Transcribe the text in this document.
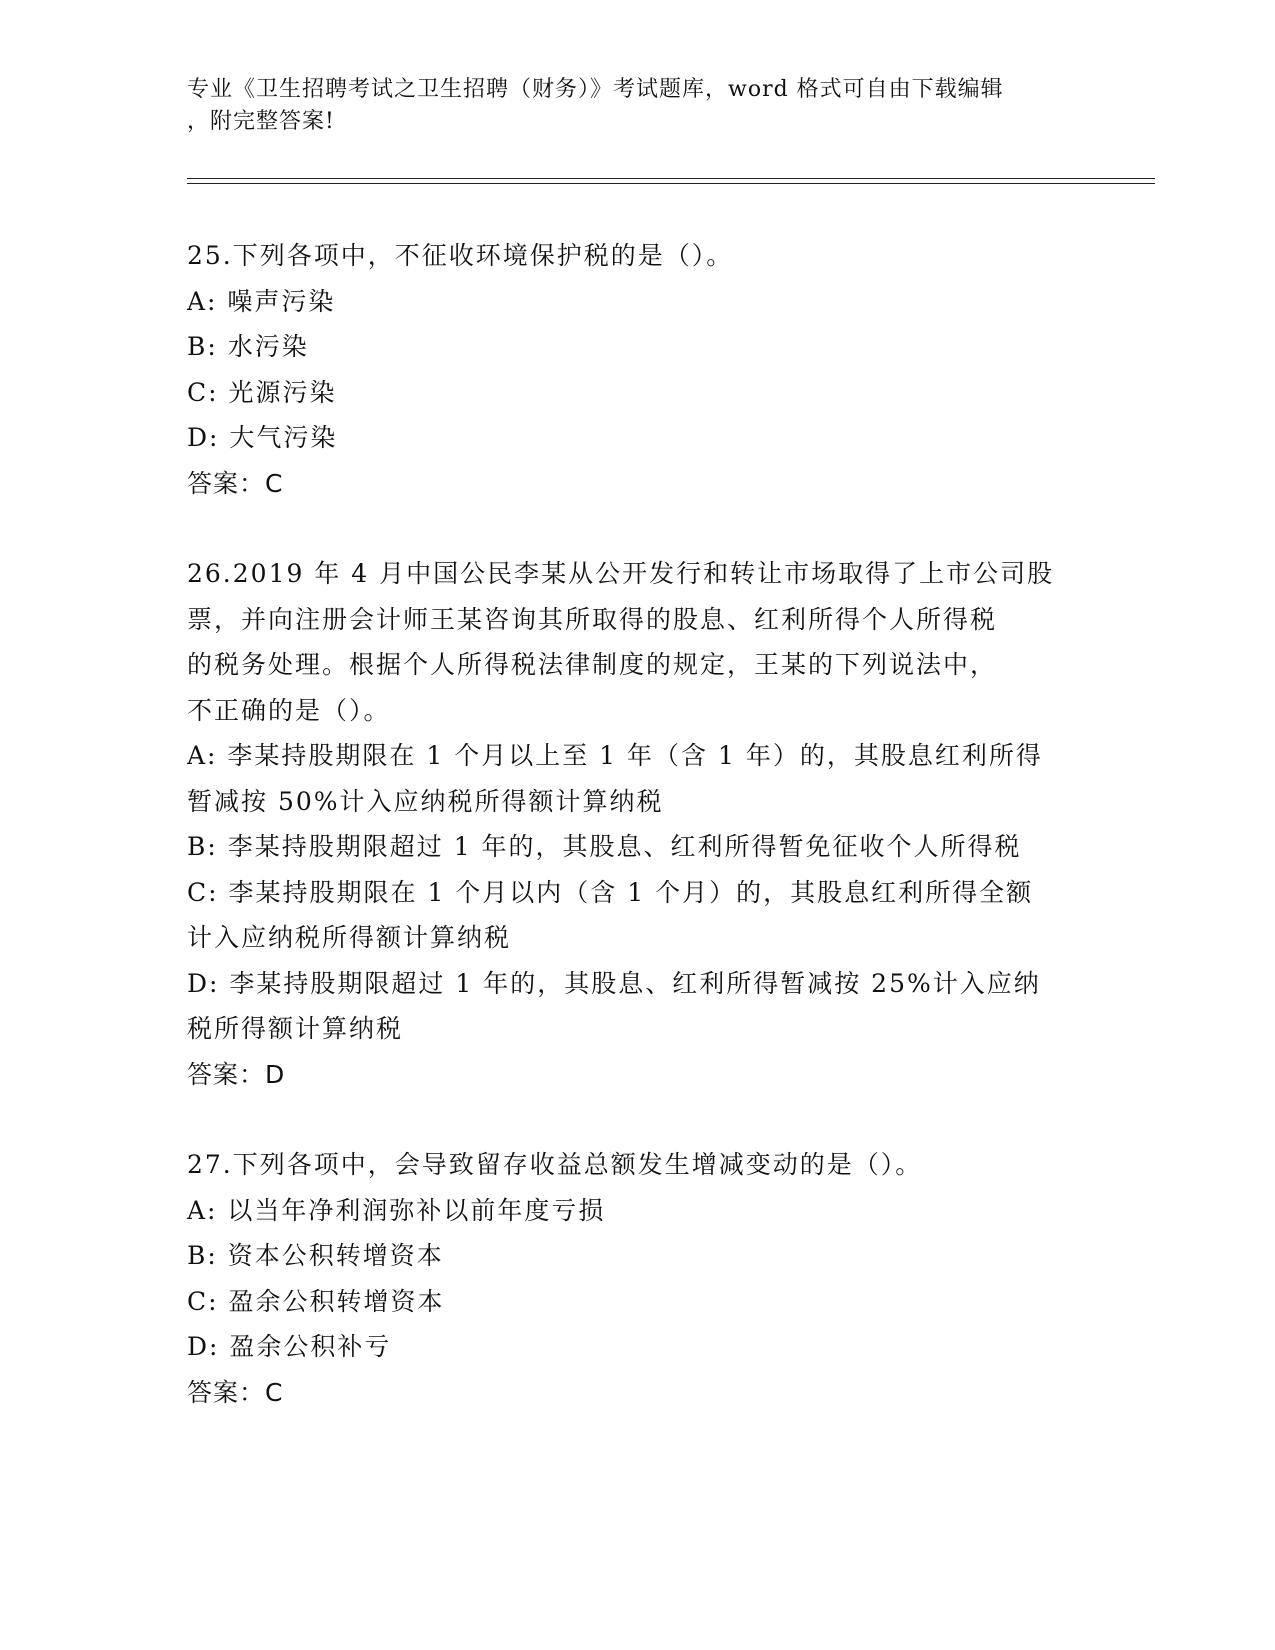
专业《卫生招聘考试之卫生招聘（财务）》考试题库，word 格式可自由下载编辑
，附完整答案!
25.下列各项中，不征收环境保护税的是（）。
A: 噪声污染
B: 水污染
C: 光源污染
D: 大气污染
答案：C
26.2019 年 4 月中国公民李某从公开发行和转让市场取得了上市公司股
票，并向注册会计师王某咨询其所取得的股息、红利所得个人所得税
的税务处理。根据个人所得税法律制度的规定，王某的下列说法中，
不正确的是（）。
A: 李某持股期限在 1 个月以上至 1 年（含 1 年）的，其股息红利所得
暂减按 50%计入应纳税所得额计算纳税
B: 李某持股期限超过 1 年的，其股息、红利所得暂免征收个人所得税
C: 李某持股期限在 1 个月以内（含 1 个月）的，其股息红利所得全额
计入应纳税所得额计算纳税
D: 李某持股期限超过 1 年的，其股息、红利所得暂减按 25%计入应纳
税所得额计算纳税
答案：D
27.下列各项中，会导致留存收益总额发生增减变动的是（）。
A: 以当年净利润弥补以前年度亏损
B: 资本公积转增资本
C: 盈余公积转增资本
D: 盈余公积补亏
答案：C
